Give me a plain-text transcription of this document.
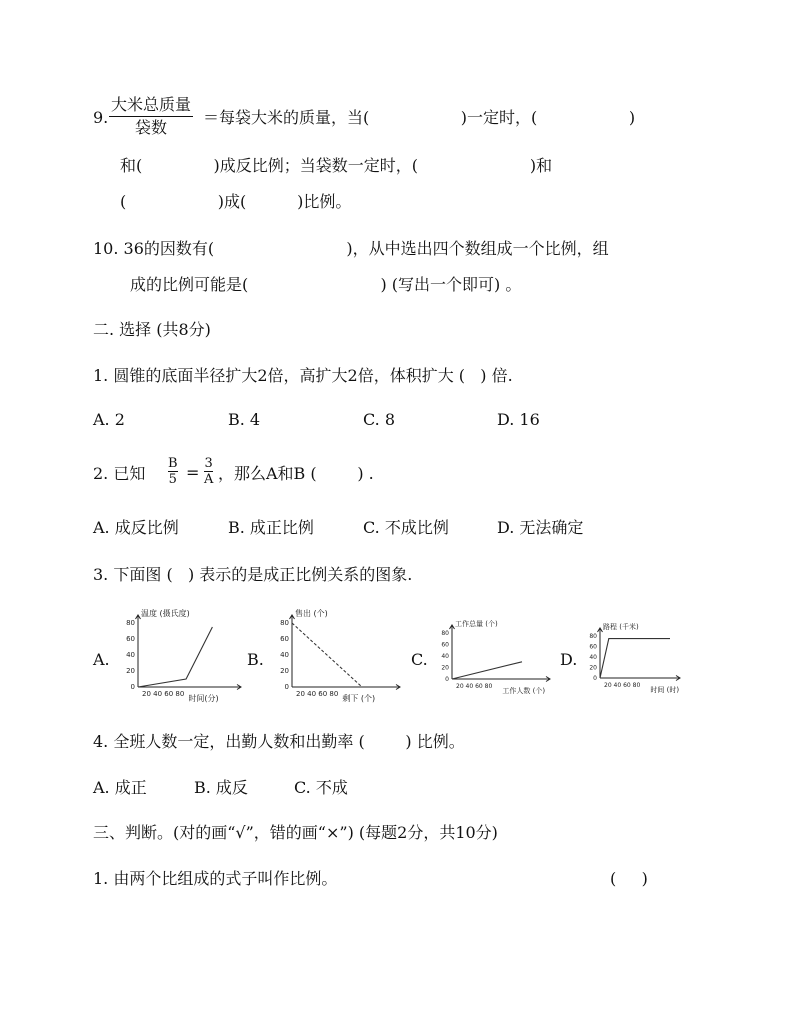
9.
大米总质量
袋数
＝每袋大米的质量，当(                  )一定时，(                  )
和(              )成反比例；当袋数一定时，(                      )和
(                  )成(          )比例。
10. 36的因数有(                          )，从中选出四个数组成一个比例，组
成的比例可能是(                          ) (写出一个即可) 。
二. 选择 (共8分)
1. 圆锥的底面半径扩大2倍，高扩大2倍，体积扩大 (   ) 倍.
A. 2	B. 4	C. 8	D. 16
2. 已知 $\frac{B}{5} = \frac{3}{A}$ ，那么A和B (        ) .
A. 成反比例	B. 成正比例	C. 不成比例	D. 无法确定
3. 下面图 (   ) 表示的是成正比例关系的图象.
A.	B.	C.	D.
温度 (摄氏度)
时间(分)
80
60
40
20
0
20 40 60 80
售出 (个)
剩下 (个)
80
60
40
20
0
20 40 60 80
工作总量 (个)
工作人数 (个)
80
60
40
20
0
20 40 60 80
路程 (千米)
时间 (时)
80
60
40
20
0
20 40 60 80
4. 全班人数一定，出勤人数和出勤率 (        ) 比例。
A. 成正	B. 成反	C. 不成
三、判断。(对的画“√”，错的画“×”) (每题2分，共10分)
1. 由两个比组成的式子叫作比例。	(     )
